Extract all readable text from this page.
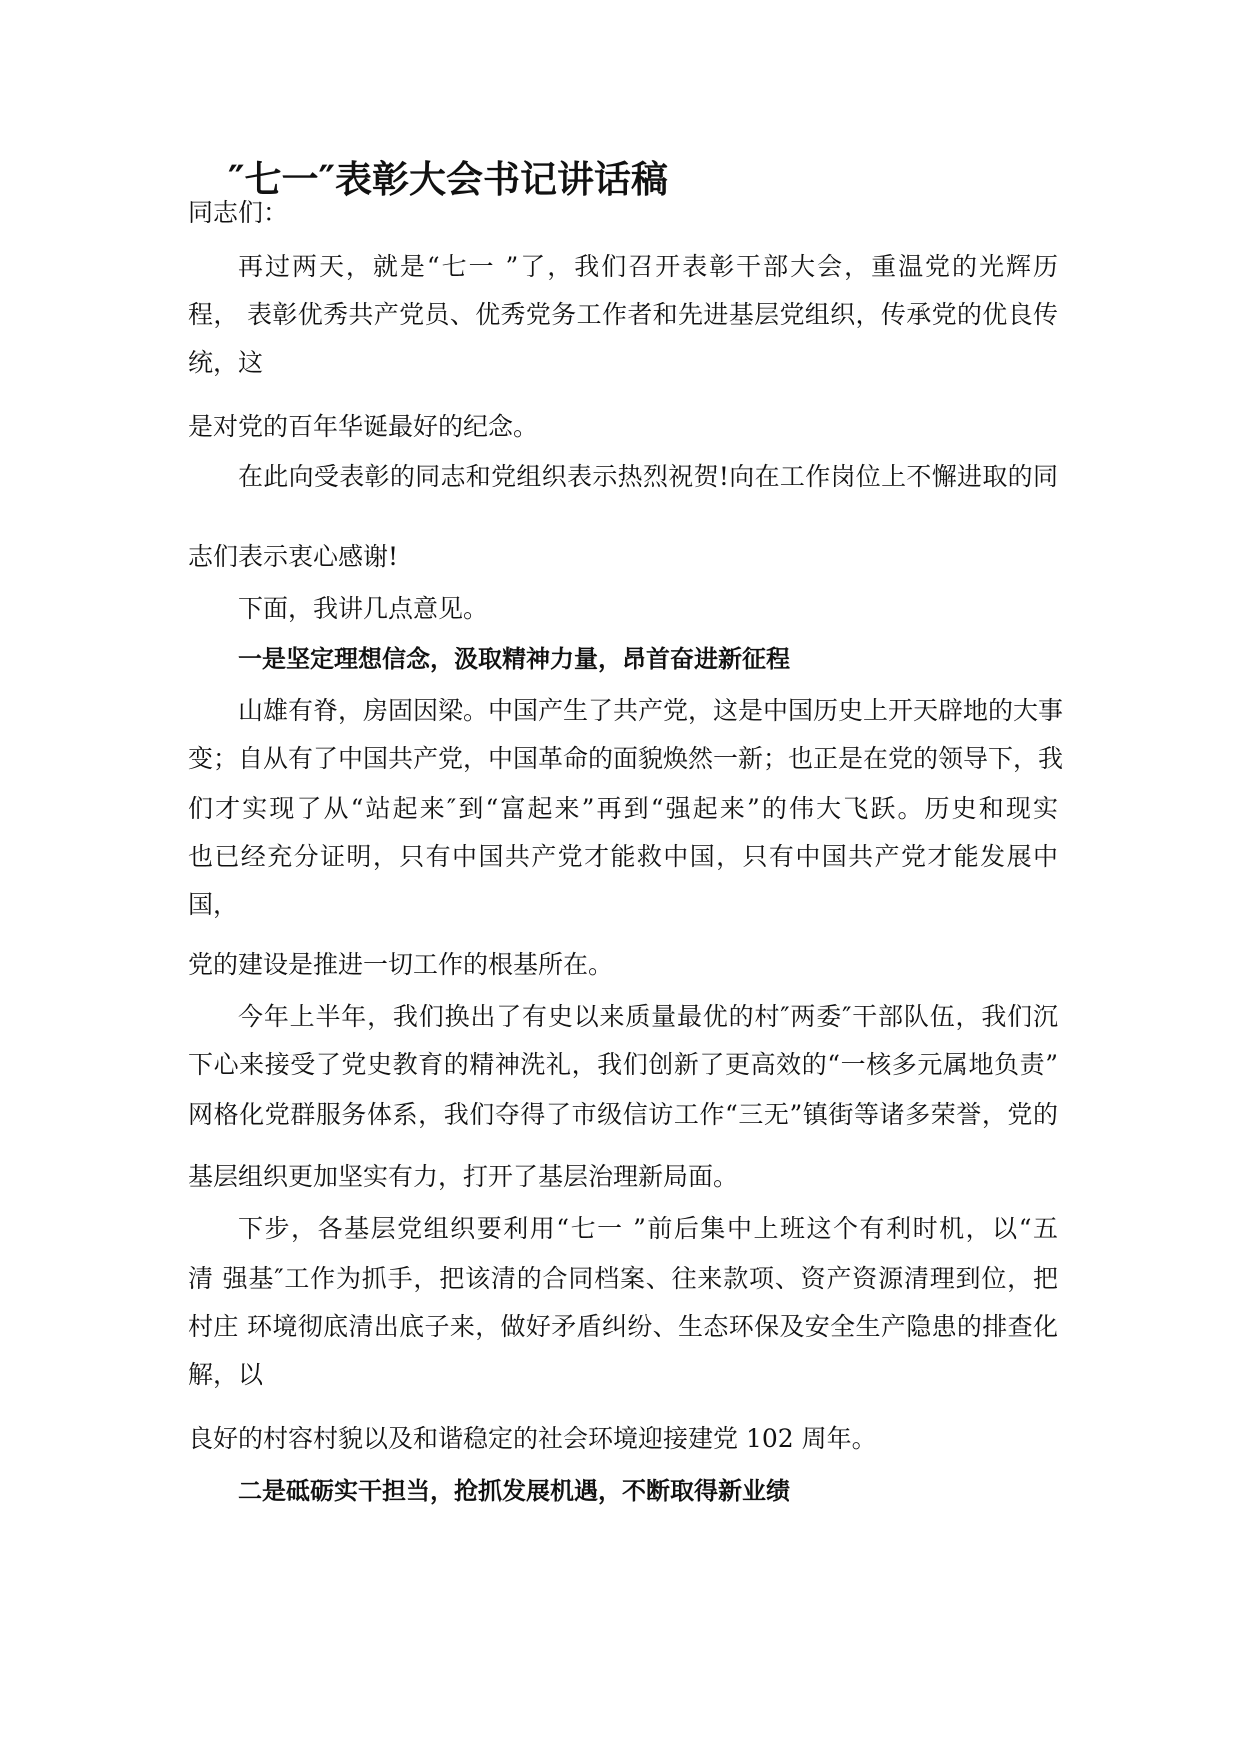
″七一″表彰大会书记讲话稿

同志们：

再过两天，就是“七一 ”了，我们召开表彰干部大会，重温党的光辉历

程， 表彰优秀共产党员、优秀党务工作者和先进基层党组织，传承党的优良传

统，这

是对党的百年华诞最好的纪念。

在此向受表彰的同志和党组织表示热烈祝贺!向在工作岗位上不懈进取的同

志们表示衷心感谢!

下面，我讲几点意见。

一是坚定理想信念，汲取精神力量，昂首奋进新征程

山雄有脊，房固因梁。中国产生了共产党，这是中国历史上开天辟地的大事

变；自从有了中国共产党，中国革命的面貌焕然一新；也正是在党的领导下，我

们才实现了从“站起来″到“富起来”再到“强起来”的伟大飞跃。历史和现实

也已经充分证明，只有中国共产党才能救中国，只有中国共产党才能发展中

国，

党的建设是推进一切工作的根基所在。

今年上半年，我们换出了有史以来质量最优的村″两委″干部队伍，我们沉

下心来接受了党史教育的精神洗礼，我们创新了更高效的“一核多元属地负责”

网格化党群服务体系，我们夺得了市级信访工作“三无”镇街等诸多荣誉，党的

基层组织更加坚实有力，打开了基层治理新局面。

下步，各基层党组织要利用“七一 ”前后集中上班这个有利时机，以“五

清 强基″工作为抓手，把该清的合同档案、往来款项、资产资源清理到位，把

村庄 环境彻底清出底子来，做好矛盾纠纷、生态环保及安全生产隐患的排查化

解，以

良好的村容村貌以及和谐稳定的社会环境迎接建党 102 周年。

二是砥砺实干担当，抢抓发展机遇，不断取得新业绩
